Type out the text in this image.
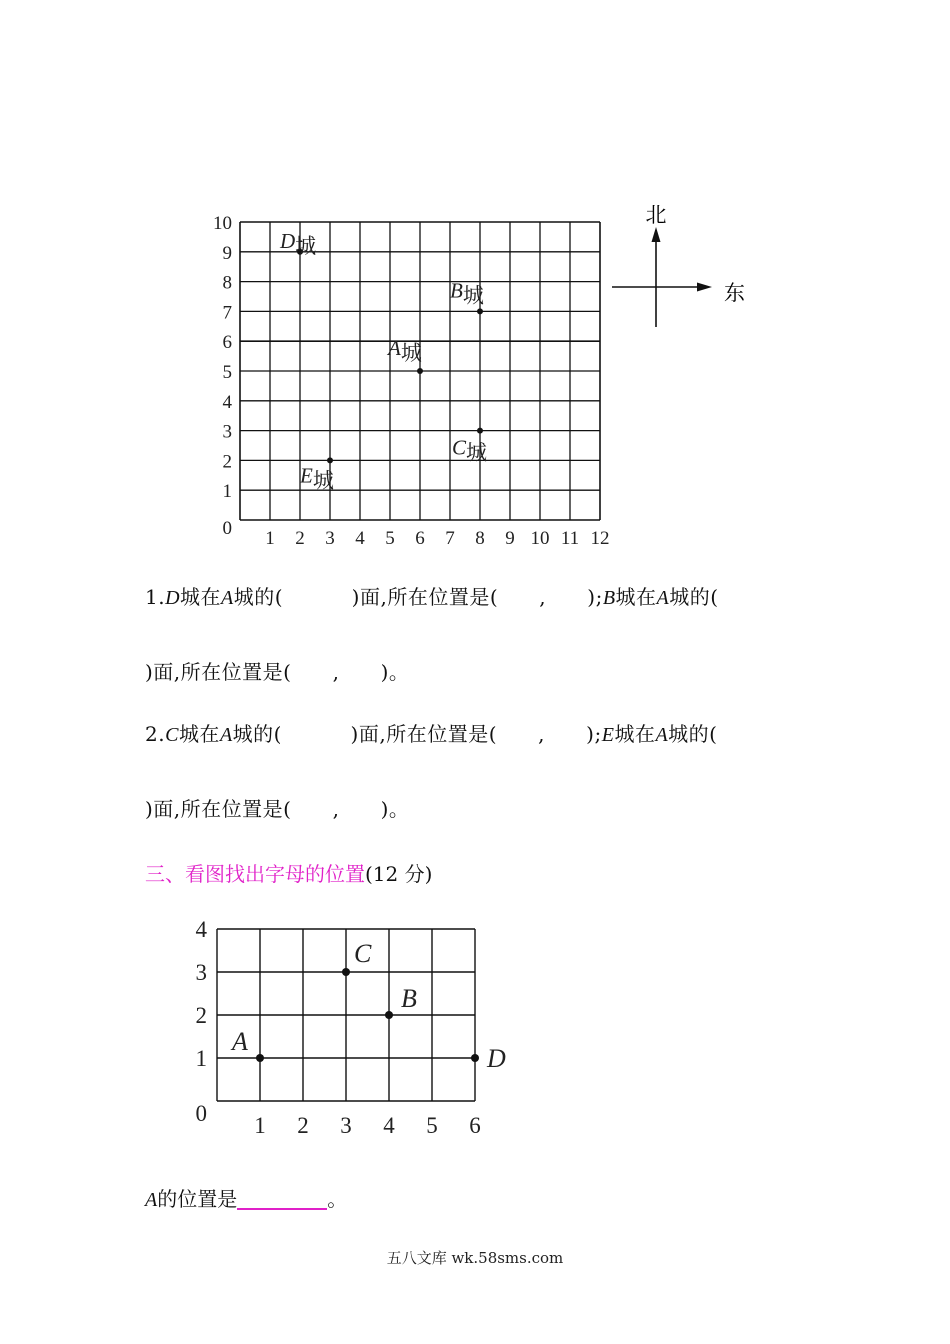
1 2 3 4 5 6 7 8 9 10 11 12
0
1
2
3
4
5
6
7
8
9
10
D城
B城
A城
C城
E城
北
东
1.D城在A城的(	)面,所在位置是(      ,      );B城在A城的(
)面,所在位置是(      ,      )。
2.C城在A城的(	)面,所在位置是(      ,      );E城在A城的(
)面,所在位置是(      ,      )。
三、看图找出字母的位置(12 分)
1 2 3 4 5 6
0
1
2
3
4
A
B
C
D
A的位置是	。
五八文库 wk.58sms.com
